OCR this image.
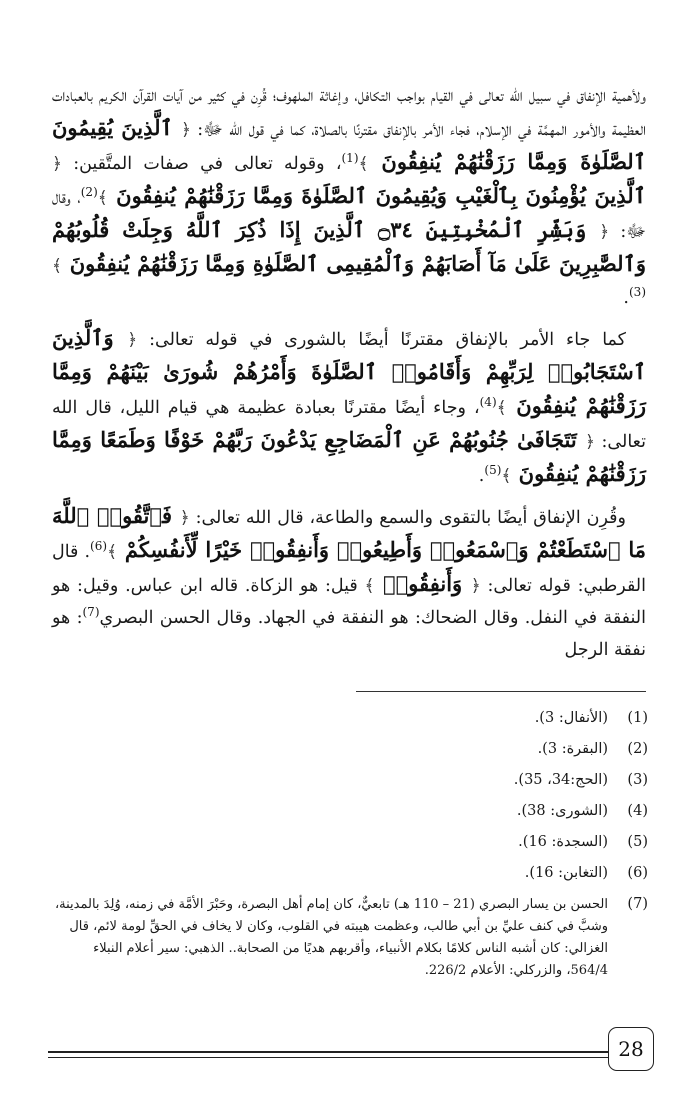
ولأهمية الإنفاق في سبيل الله تعالى في القيام بواجب التكافل، وإغاثة الملهوف؛ قُرِن في كثير من آيات القرآن الكريم بالعبادات العظيمة والأمور المهمَّة في الإسلام، فجاء الأمر بالإنفاق مقترنًا بالصلاة، كما في قول الله ﷻ: ﴿ ٱلَّذِينَ يُقِيمُونَ ٱلصَّلَوٰةَ وَمِمَّا رَزَقْنَٰهُمْ يُنفِقُونَ ﴾$^{(1)}$، وقوله تعالى في صفات المتَّقين: ﴿ ٱلَّذِينَ يُؤْمِنُونَ بِٱلْغَيْبِ وَيُقِيمُونَ ٱلصَّلَوٰةَ وَمِمَّا رَزَقْنَٰهُمْ يُنفِقُونَ ﴾$^{(2)}$، وقال ﷻ: ﴿ وَبَشِّرِ ٱلْمُخْبِتِينَ ۝٣٤ ٱلَّذِينَ إِذَا ذُكِرَ ٱللَّهُ وَجِلَتْ قُلُوبُهُمْ وَٱلصَّٰبِرِينَ عَلَىٰ مَآ أَصَابَهُمْ وَٱلْمُقِيمِى ٱلصَّلَوٰةِ وَمِمَّا رَزَقْنَٰهُمْ يُنفِقُونَ ﴾$^{(3)}$.

كما جاء الأمر بالإنفاق مقترنًا أيضًا بالشورى في قوله تعالى: ﴿ وَٱلَّذِينَ ٱسْتَجَابُوا۟ لِرَبِّهِمْ وَأَقَامُوا۟ ٱلصَّلَوٰةَ وَأَمْرُهُمْ شُورَىٰ بَيْنَهُمْ وَمِمَّا رَزَقْنَٰهُمْ يُنفِقُونَ ﴾$^{(4)}$، وجاء أيضًا مقترنًا بعبادة عظيمة هي قيام الليل، قال الله تعالى: ﴿ تَتَجَافَىٰ جُنُوبُهُمْ عَنِ ٱلْمَضَاجِعِ يَدْعُونَ رَبَّهُمْ خَوْفًا وَطَمَعًا وَمِمَّا رَزَقْنَٰهُمْ يُنفِقُونَ ﴾$^{(5)}$.

وقُرِن الإنفاق أيضًا بالتقوى والسمع والطاعة، قال الله تعالى: ﴿ فَٱتَّقُوا۟ ٱللَّهَ مَا ٱسْتَطَعْتُمْ وَٱسْمَعُوا۟ وَأَطِيعُوا۟ وَأَنفِقُوا۟ خَيْرًا لِّأَنفُسِكُمْ ﴾$^{(6)}$. قال القرطبي: قوله تعالى: ﴿ وَأَنفِقُوا۟ ﴾ قيل: هو الزكاة. قاله ابن عباس. وقيل: هو النفقة في النفل. وقال الضحاك: هو النفقة في الجهاد. وقال الحسن البصري$^{(7)}$: هو نفقة الرجل

(1)
(الأنفال: 3).
(2)
(البقرة: 3).
(3)
(الحج:34، 35).
(4)
(الشورى: 38).
(5)
(السجدة: 16).
(6)
(التغابن: 16).
(7)
الحسن بن يسار البصري (21 – 110 هـ) تابعيٌّ، كان إمام أهل البصرة، وحَبْرَ الأمَّة في زمنه، وُلِدَ بالمدينة، وشبَّ في كنف عليِّ بن أبي طالب، وعظمت هيبته في القلوب، وكان لا يخاف في الحقِّ لومة لائم، قال الغزالي: كان أشبه الناس كلامًا بكلام الأنبياء، وأقربهم هديًا من الصحابة.. الذهبي: سير أعلام النبلاء 564/4، والزركلي: الأعلام 226/2.
28
